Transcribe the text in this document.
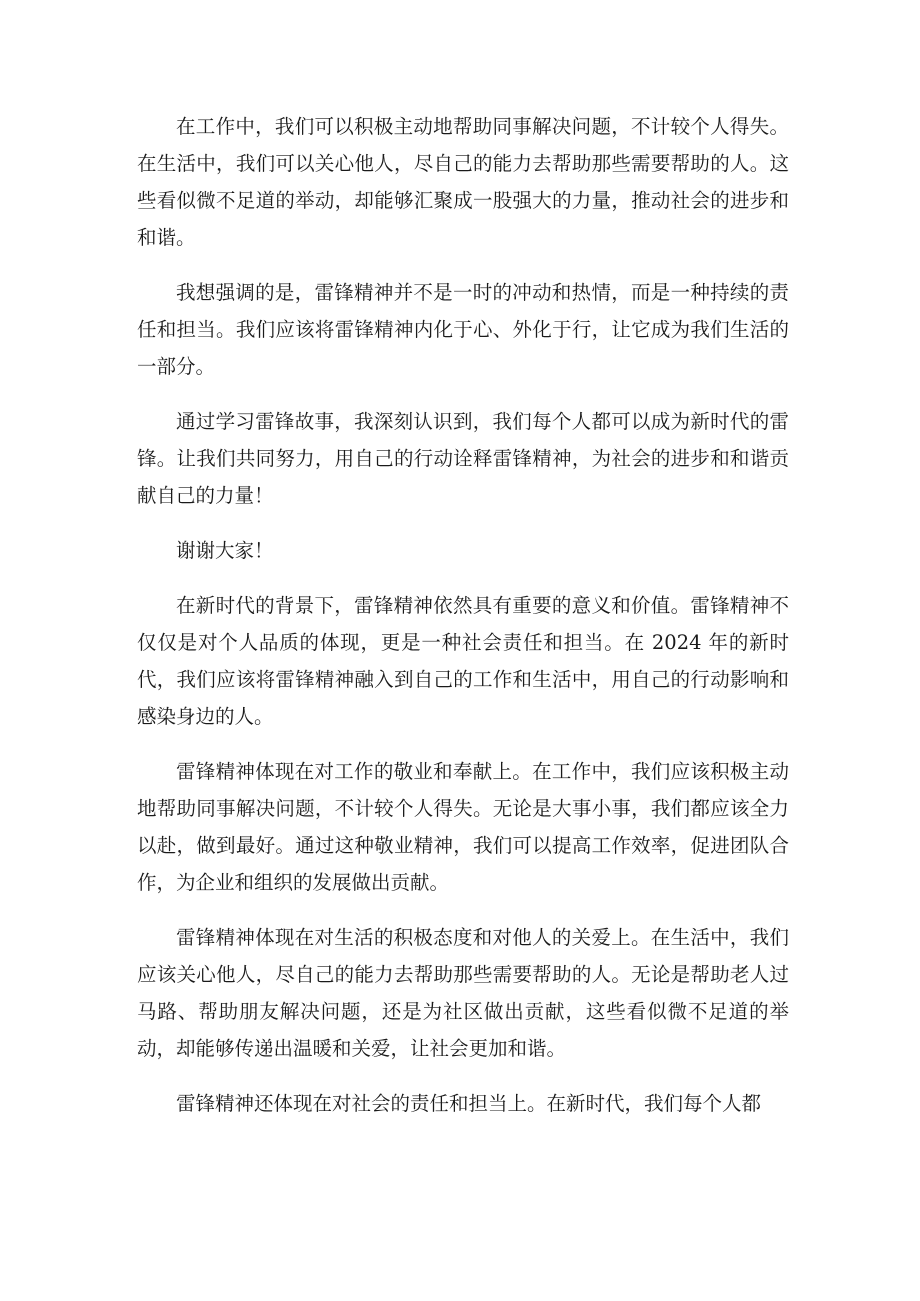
在工作中，我们可以积极主动地帮助同事解决问题，不计较个人得失。在生活中，我们可以关心他人，尽自己的能力去帮助那些需要帮助的人。这些看似微不足道的举动，却能够汇聚成一股强大的力量，推动社会的进步和和谐。

我想强调的是，雷锋精神并不是一时的冲动和热情，而是一种持续的责任和担当。我们应该将雷锋精神内化于心、外化于行，让它成为我们生活的一部分。

通过学习雷锋故事，我深刻认识到，我们每个人都可以成为新时代的雷锋。让我们共同努力，用自己的行动诠释雷锋精神，为社会的进步和和谐贡献自己的力量！

谢谢大家！

在新时代的背景下，雷锋精神依然具有重要的意义和价值。雷锋精神不仅仅是对个人品质的体现，更是一种社会责任和担当。在 2024 年的新时代，我们应该将雷锋精神融入到自己的工作和生活中，用自己的行动影响和感染身边的人。

雷锋精神体现在对工作的敬业和奉献上。在工作中，我们应该积极主动地帮助同事解决问题，不计较个人得失。无论是大事小事，我们都应该全力以赴，做到最好。通过这种敬业精神，我们可以提高工作效率，促进团队合作，为企业和组织的发展做出贡献。

雷锋精神体现在对生活的积极态度和对他人的关爱上。在生活中，我们应该关心他人，尽自己的能力去帮助那些需要帮助的人。无论是帮助老人过马路、帮助朋友解决问题，还是为社区做出贡献，这些看似微不足道的举动，却能够传递出温暖和关爱，让社会更加和谐。

雷锋精神还体现在对社会的责任和担当上。在新时代，我们每个人都
